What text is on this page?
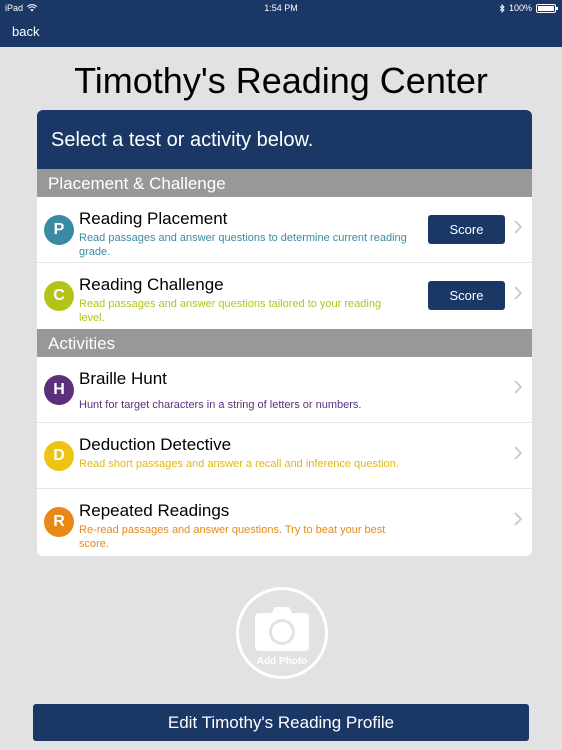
iPad	1:54 PM	100%
back
Timothy's Reading Center
Select a test or activity below.
Placement & Challenge
P
Reading Placement
Read passages and answer questions to determine current reading grade.
Score
C
Reading Challenge
Read passages and answer questions tailored to your reading level.
Score
Activities
H
Braille Hunt
Hunt for target characters in a string of letters or numbers.
D
Deduction Detective
Read short passages and answer a recall and inference question.
R
Repeated Readings
Re-read passages and answer questions. Try to beat your best score.
Add Photo
Edit Timothy's Reading Profile
